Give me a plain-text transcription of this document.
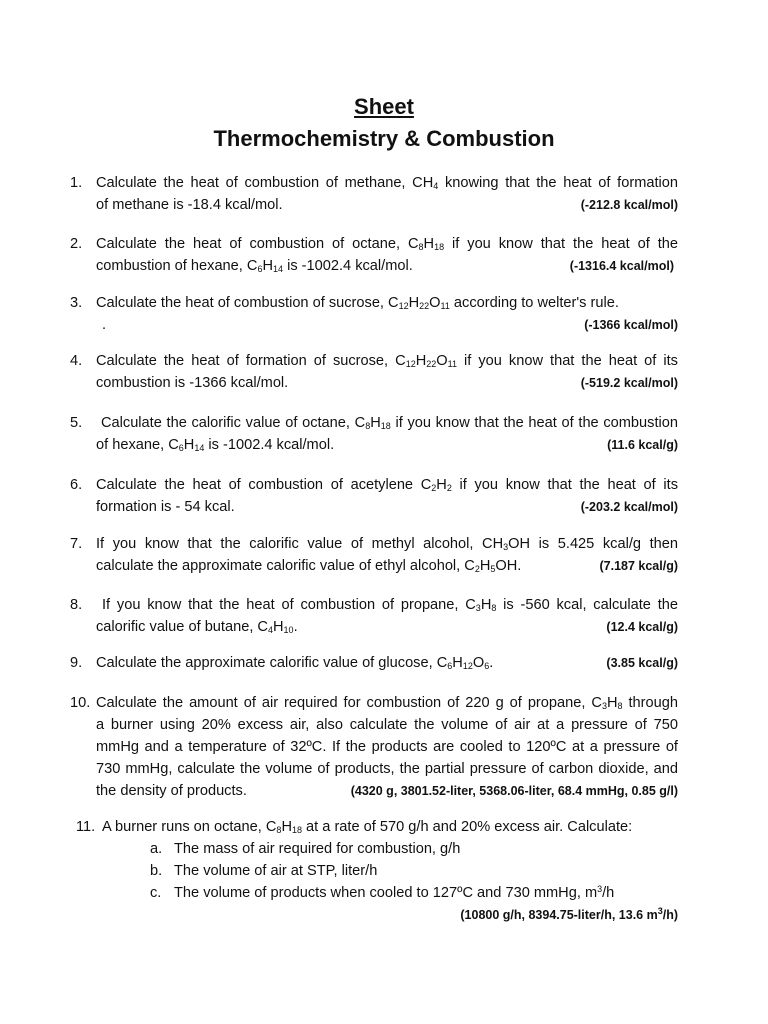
Sheet
Thermochemistry & Combustion
1. Calculate the heat of combustion of methane, $CH_4$ knowing that the heat of formation
of methane is -18.4 kcal/mol.	(-212.8 kcal/mol)
2. Calculate the heat of combustion of octane, $C_8H_{18}$ if you know that the heat of the
combustion of hexane, $C_6H_{14}$ is -1002.4 kcal/mol.	(-1316.4 kcal/mol)
3. Calculate the heat of combustion of sucrose, $C_{12}H_{22}O_{11}$ according to welter's rule.
.	(-1366 kcal/mol)
4. Calculate the heat of formation of sucrose, $C_{12}H_{22}O_{11}$ if you know that the heat of its
combustion is -1366 kcal/mol.	(-519.2 kcal/mol)
5.	Calculate the calorific value of octane, $C_8H_{18}$ if you know that the heat of the combustion
of hexane, $C_6H_{14}$ is -1002.4 kcal/mol.	(11.6 kcal/g)
6. Calculate the heat of combustion of acetylene $C_2H_2$ if you know that the heat of its
formation is - 54 kcal.	(-203.2 kcal/mol)
7. If you know that the calorific value of methyl alcohol, $CH_3OH$ is 5.425 kcal/g then
calculate the approximate calorific value of ethyl alcohol, $C_2H_5OH$.	(7.187 kcal/g)
8.	If you know that the heat of combustion of propane, $C_3H_8$ is -560 kcal, calculate the
calorific value of butane, $C_4H_{10}$.	(12.4 kcal/g)
9. Calculate the approximate calorific value of glucose, $C_6H_{12}O_6$.	(3.85 kcal/g)
10. Calculate the amount of air required for combustion of 220 g of propane, $C_3H_8$ through
a burner using 20% excess air, also calculate the volume of air at a pressure of 750
mmHg and a temperature of 32ºC. If the products are cooled to 120ºC at a pressure of
730 mmHg, calculate the volume of products, the partial pressure of carbon dioxide, and
the density of products.	(4320 g, 3801.52-liter, 5368.06-liter, 68.4 mmHg, 0.85 g/l)
11. A burner runs on octane, $C_8H_{18}$ at a rate of 570 g/h and 20% excess air. Calculate:
a. The mass of air required for combustion, g/h
b. The volume of air at STP, liter/h
c. The volume of products when cooled to 127ºC and 730 mmHg, $m^3/h$
(10800 g/h, 8394.75-liter/h, 13.6 $m^3/h$)
